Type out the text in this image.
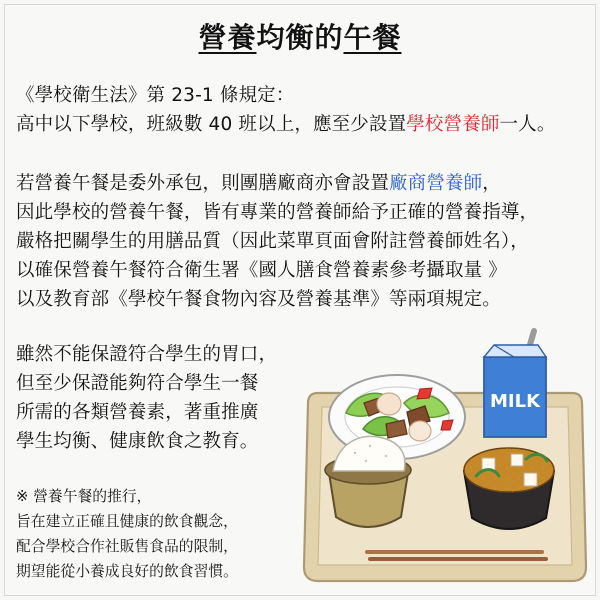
營養均衡的午餐
《學校衛生法》第 23-1 條規定：
高中以下學校，班級數 40 班以上，應至少設置學校營養師一人。
若營養午餐是委外承包，則團膳廠商亦會設置廠商營養師，
因此學校的營養午餐，皆有專業的營養師給予正確的營養指導，
嚴格把關學生的用膳品質（因此菜單頁面會附註營養師姓名），
以確保營養午餐符合衛生署《國人膳食營養素參考攝取量 》
以及教育部《學校午餐食物內容及營養基準》等兩項規定。
雖然不能保證符合學生的胃口，
但至少保證能夠符合學生一餐
所需的各類營養素，著重推廣
學生均衡、健康飲食之教育。
※ 營養午餐的推行，
旨在建立正確且健康的飲食觀念，
配合學校合作社販售食品的限制，
期望能從小養成良好的飲食習慣。
MILK
